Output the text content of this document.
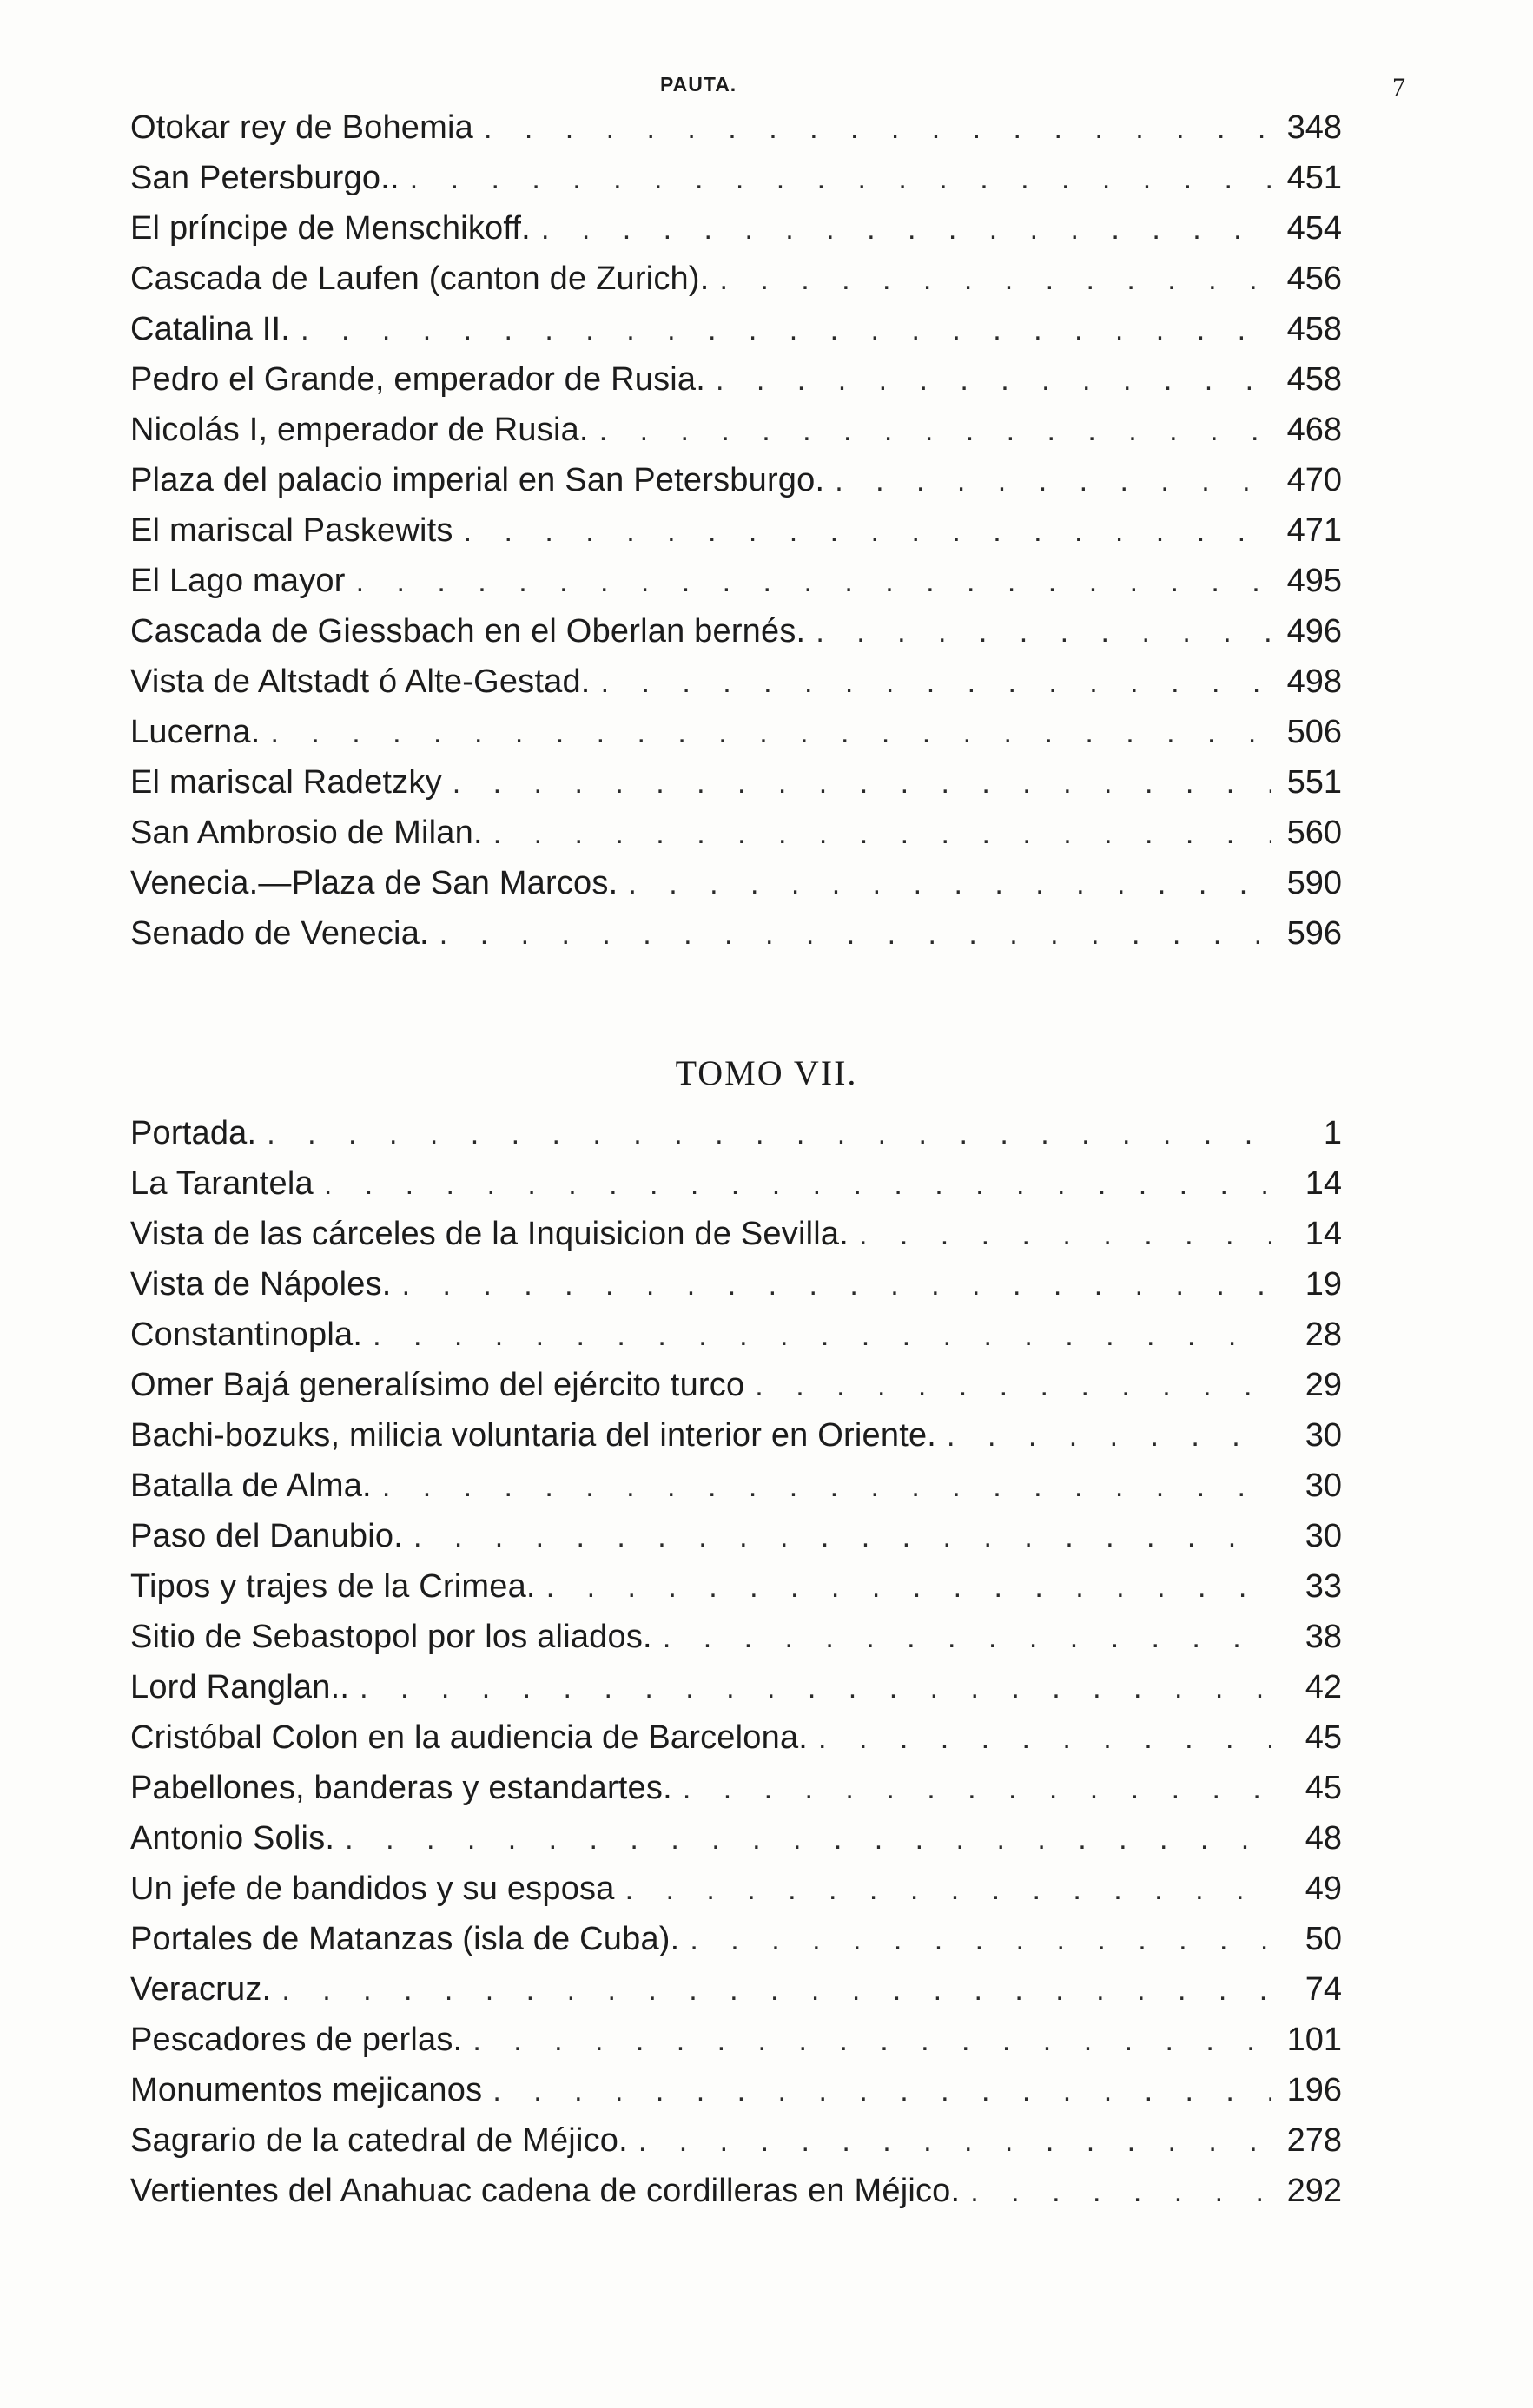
PAUTA.	7
Otokar rey de Bohemia . . .	348
San Petersburgo.. . . .	451
El príncipe de Menschikoff. . . .	454
Cascada de Laufen (canton de Zurich). . . .	456
Catalina II. . . .	458
Pedro el Grande, emperador de Rusia. . . .	458
Nicolás I, emperador de Rusia. . . .	468
Plaza del palacio imperial en San Petersburgo. . . .	470
El mariscal Paskewits . . .	471
El Lago mayor . . .	495
Cascada de Giessbach en el Oberlan bernés. . . .	496
Vista de Altstadt ó Alte-Gestad. . . .	498
Lucerna. . . .	506
El mariscal Radetzky . . .	551
San Ambrosio de Milan. . . .	560
Venecia.—Plaza de San Marcos. . . .	590
Senado de Venecia. . . .	596
TOMO VII.
Portada. . . .	1
La Tarantela . . .	14
Vista de las cárceles de la Inquisicion de Sevilla. . . .	14
Vista de Nápoles. . . .	19
Constantinopla. . . .	28
Omer Bajá generalísimo del ejército turco . . .	29
Bachi-bozuks, milicia voluntaria del interior en Oriente. . . .	30
Batalla de Alma. . . .	30
Paso del Danubio. . . .	30
Tipos y trajes de la Crimea. . . .	33
Sitio de Sebastopol por los aliados. . . .	38
Lord Ranglan.. . . .	42
Cristóbal Colon en la audiencia de Barcelona. . . .	45
Pabellones, banderas y estandartes. . . .	45
Antonio Solis. . . .	48
Un jefe de bandidos y su esposa . . .	49
Portales de Matanzas (isla de Cuba). . . .	50
Veracruz. . . .	74
Pescadores de perlas. . . .	101
Monumentos mejicanos . . .	196
Sagrario de la catedral de Méjico. . . .	278
Vertientes del Anahuac cadena de cordilleras en Méjico. . . .	292
